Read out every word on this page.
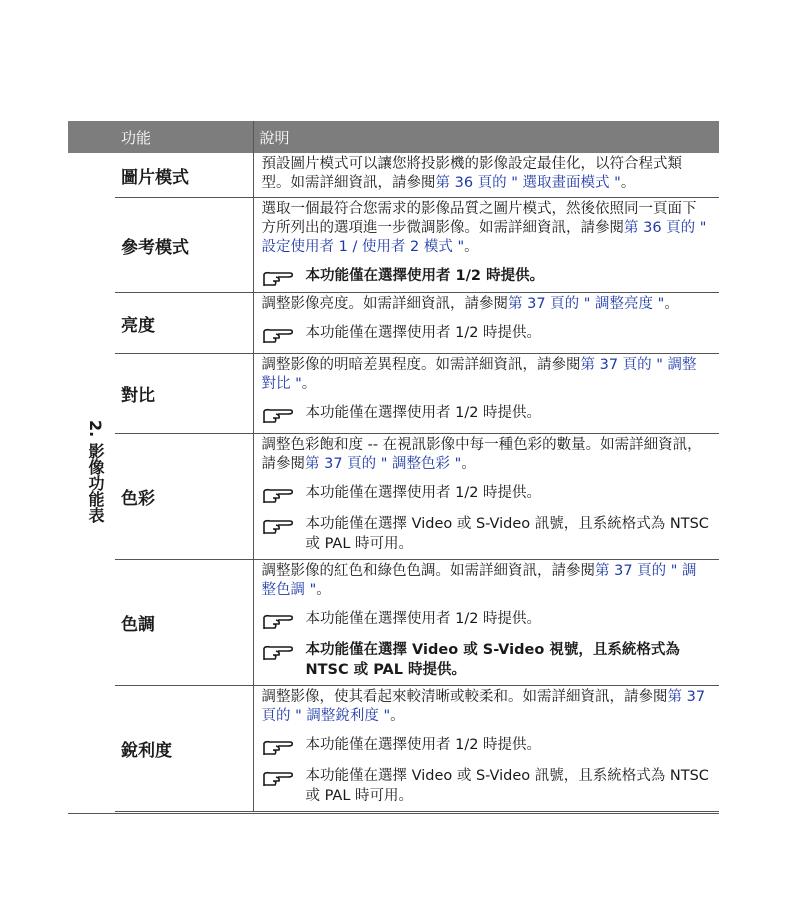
2. 影像功能表
	功能	說明
	圖片模式	預設圖片模式可以讓您將投影機的影像設定最佳化，以符合程式類型。如需詳細資訊，請參閱第 36 頁的 " 選取畫面模式 "。
	參考模式	選取一個最符合您需求的影像品質之圖片模式，然後依照同一頁面下方所列出的選項進一步微調影像。如需詳細資訊，請參閱第 36 頁的 " 設定使用者 1 / 使用者 2 模式 "。
本功能僅在選擇使用者 1/2 時提供。

	亮度	調整影像亮度。如需詳細資訊，請參閱第 37 頁的 " 調整亮度 "。
本功能僅在選擇使用者 1/2 時提供。

	對比	調整影像的明暗差異程度。如需詳細資訊，請參閱第 37 頁的 " 調整對比 "。
本功能僅在選擇使用者 1/2 時提供。

	色彩	調整色彩飽和度 -- 在視訊影像中每一種色彩的數量。如需詳細資訊，請參閱第 37 頁的 " 調整色彩 "。
本功能僅在選擇使用者 1/2 時提供。
本功能僅在選擇 Video 或 S-Video 訊號，且系統格式為 NTSC 或 PAL 時可用。

	色調	調整影像的紅色和綠色色調。如需詳細資訊，請參閱第 37 頁的 " 調整色調 "。
本功能僅在選擇使用者 1/2 時提供。
本功能僅在選擇 Video 或 S-Video 視號，且系統格式為 NTSC 或 PAL 時提供。

	銳利度	調整影像，使其看起來較清晰或較柔和。如需詳細資訊，請參閱第 37 頁的 " 調整銳利度 "。
本功能僅在選擇使用者 1/2 時提供。
本功能僅在選擇 Video 或 S-Video 訊號，且系統格式為 NTSC 或 PAL 時可用。
